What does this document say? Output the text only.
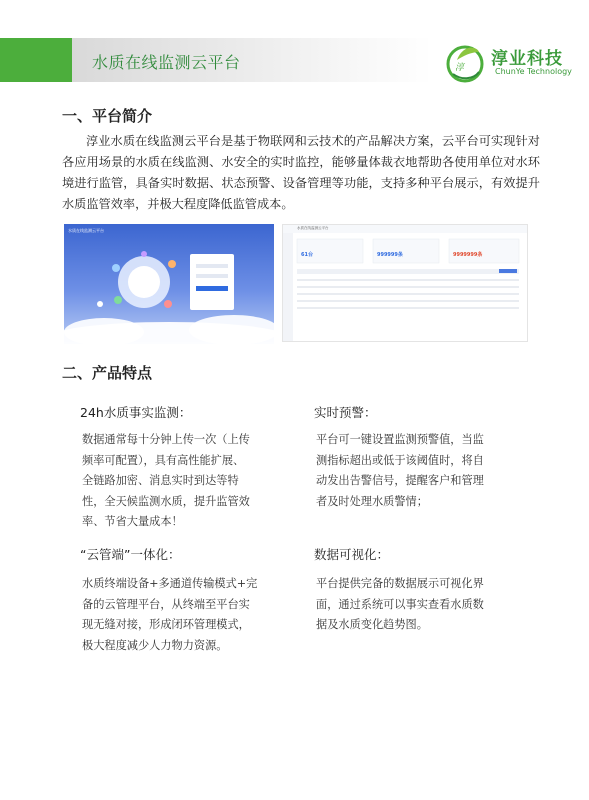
水质在线监测云平台	淳 淳业科技
ChunYe Technology
一、平台简介

淳业水质在线监测云平台是基于物联网和云技术的产品解决方案，云平台可实现针对各应用场景的水质在线监测、水安全的实时监控，能够量体裁衣地帮助各使用单位对水环境进行监管，具备实时数据、状态预警、设备管理等功能，支持多种平台展示，有效提升水质监管效率，并极大程度降低监管成本。

水质在线监测云平台	水质在线监测云平台
61台	999999条	9999999条
二、产品特点
24h水质事实监测：

数据通常每十分钟上传一次（上传

频率可配置），具有高性能扩展、

全链路加密、消息实时到达等特

性，全天候监测水质，提升监管效

率、节省大量成本！

实时预警：

平台可一键设置监测预警值，当监

测指标超出或低于该阈值时，将自

动发出告警信号，提醒客户和管理

者及时处理水质警情；

“云管端”一体化：

水质终端设备+多通道传输模式+完

备的云管理平台，从终端至平台实

现无缝对接，形成闭环管理模式，

极大程度减少人力物力资源。

数据可视化：

平台提供完备的数据展示可视化界

面，通过系统可以事实查看水质数

据及水质变化趋势图。
